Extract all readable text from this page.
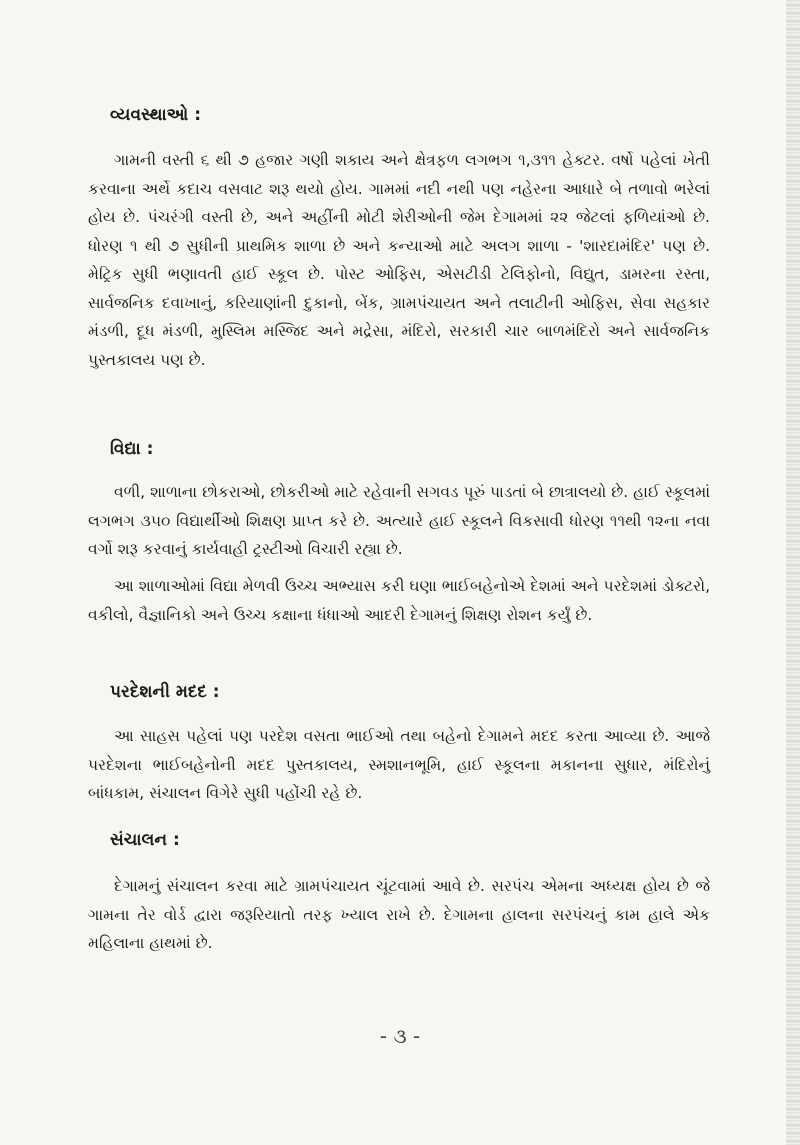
વ્યવસ્થાઓ :
ગામની વસ્તી ૬ થી ૭ હજાર ગણી શકાય અને ક્ષેત્રફળ લગભગ ૧,૩૧૧ હેક્ટર. વર્ષો પહેલાં ખેતી કરવાના અર્થે કદાચ વસવાટ શરૂ થયો હોય. ગામમાં નદી નથી પણ નહેરના આધારે બે તળાવો ભરેલાં હોય છે. પંચરંગી વસ્તી છે, અને અહીંની મોટી શેરીઓની જેમ દેગામમાં ૨૨ જેટલાં ફળિયાંઓ છે. ધોરણ ૧ થી ૭ સુધીની પ્રાથમિક શાળા છે અને કન્યાઓ માટે અલગ શાળા - 'શારદામંદિર' પણ છે. મેટ્રિક સુધી ભણાવતી હાઈ સ્કૂલ છે. પોસ્ટ ઓફિસ, એસટીડી ટેલિફોનો, વિદ્યુત, ડામરના રસ્તા, સાર્વજનિક દવાખાનું, કરિયાણાંની દુકાનો, બેંક, ગ્રામપંચાયત અને તલાટીની ઓફિસ, સેવા સહકાર મંડળી, દૂધ મંડળી, મુસ્લિમ મસ્જિદ અને મદ્રેસા, મંદિરો, સરકારી ચાર બાળમંદિરો અને સાર્વજનિક પુસ્તકાલય પણ છે.
વિદ્યા :
વળી, શાળાના છોકરાઓ, છોકરીઓ માટે રહેવાની સગવડ પૂરું પાડતાં બે છાત્રાલયો છે. હાઈ સ્કૂલમાં લગભગ ૩૫૦ વિદ્યાર્થીઓ શિક્ષણ પ્રાપ્ત કરે છે. અત્યારે હાઈ સ્કૂલને વિકસાવી ધોરણ ૧૧થી ૧૨ના નવા વર્ગો શરૂ કરવાનું કાર્યવાહી ટ્રસ્ટીઓ વિચારી રહ્યા છે.
આ શાળાઓમાં વિદ્યા મેળવી ઉચ્ચ અભ્યાસ કરી ઘણા ભાઈબહેનોએ દેશમાં અને પરદેશમાં ડોક્ટરો, વકીલો, વૈજ્ઞાનિકો અને ઉચ્ચ કક્ષાના ધંધાઓ આદરી દેગામનું શિક્ષણ રોશન કર્યું છે.
પરદેશની મદદ :
આ સાહસ પહેલાં પણ પરદેશ વસતા ભાઈઓ તથા બહેનો દેગામને મદદ કરતા આવ્યા છે. આજે પરદેશના ભાઈબહેનોની મદદ પુસ્તકાલય, સ્મશાનભૂમિ, હાઈ સ્કૂલના મકાનના સુધાર, મંદિરોનું બાંધકામ, સંચાલન વિગેરે સુધી પહોંચી રહે છે.
સંચાલન :
દેગામનું સંચાલન કરવા માટે ગ્રામપંચાયત ચૂંટવામાં આવે છે. સરપંચ એમના અધ્યક્ષ હોય છે જે ગામના તેર વોર્ડ દ્વારા જરૂરિયાતો તરફ ખ્યાલ રાખે છે. દેગામના હાલના સરપંચનું કામ હાલે એક મહિલાના હાથમાં છે.
- ૩ -
